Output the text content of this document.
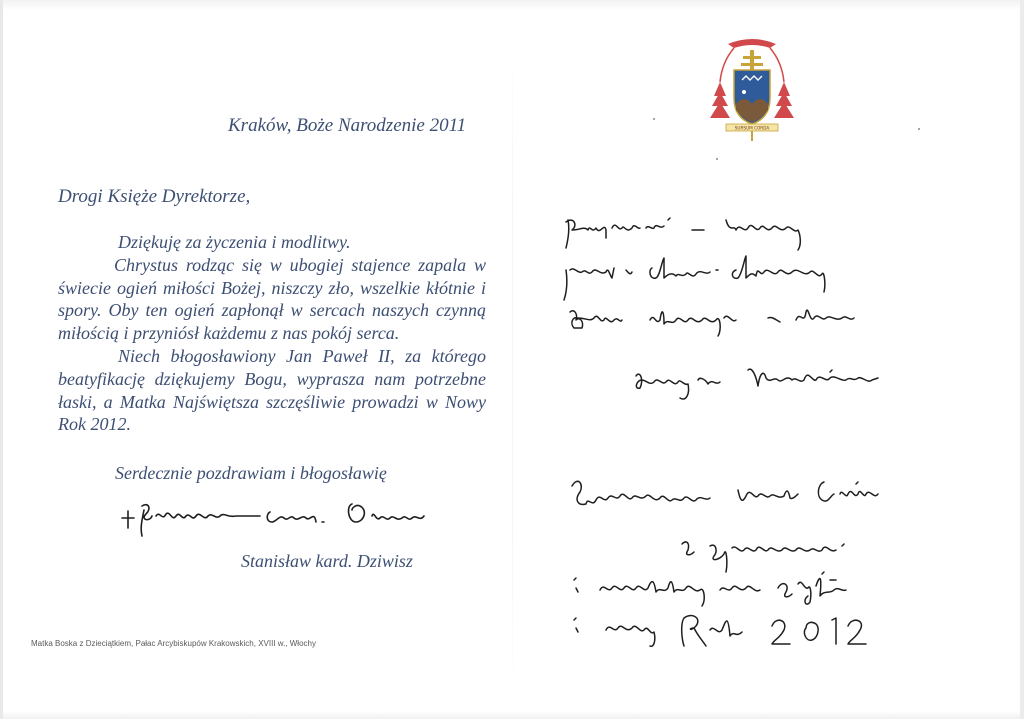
Kraków, Boże Narodzenie 2011
Drogi Księże Dyrektorze,

Dziękuję za życzenia i modlitwy.

Chrystus rodząc się w ubogiej stajence zapala w świecie ogień miłości Bożej, niszczy zło, wszelkie kłótnie i spory. Oby ten ogień zapłonął w sercach naszych czynną miłością i przyniósł każdemu z nas pokój serca.

Niech błogosławiony Jan Paweł II, za którego beatyfikację dziękujemy Bogu, wyprasza nam potrzebne łaski, a Matka Najświętsza szczęśliwie prowadzi w Nowy Rok 2012.

Serdecznie pozdrawiam i błogosławię
Stanisław kard. Dziwisz
Matka Boska z Dzieciątkiem, Pałac Arcybiskupów Krakowskich, XVIII w., Włochy
SURSUM CORDA
